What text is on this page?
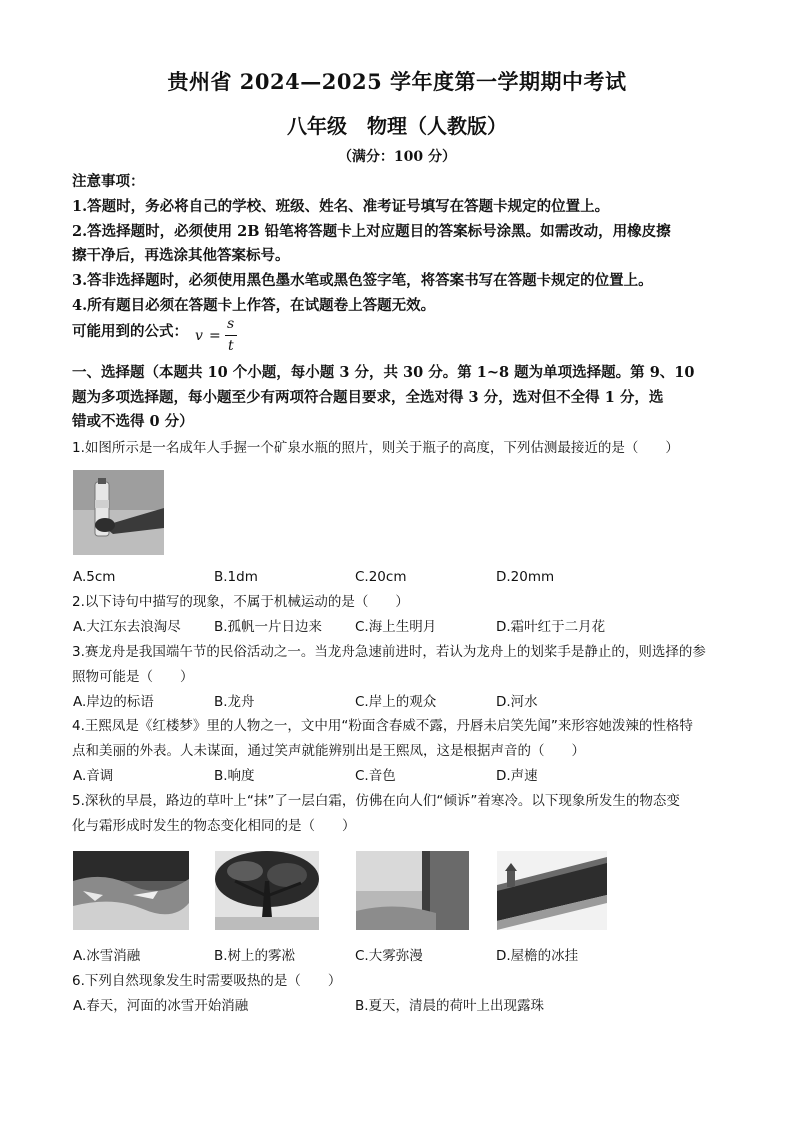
贵州省 2024—2025 学年度第一学期期中考试
八年级　物理（人教版）
（满分：100 分）
注意事项：
1.答题时，务必将自己的学校、班级、姓名、准考证号填写在答题卡规定的位置上。
2.答选择题时，必须使用 2B 铅笔将答题卡上对应题目的答案标号涂黑。如需改动，用橡皮擦
擦干净后，再选涂其他答案标号。
3.答非选择题时，必须使用黑色墨水笔或黑色签字笔，将答案书写在答题卡规定的位置上。
4.所有题目必须在答题卡上作答，在试题卷上答题无效。
可能用到的公式： v =
s
t
一、选择题（本题共 10 个小题，每小题 3 分，共 30 分。第 1~8 题为单项选择题。第 9、10
题为多项选择题，每小题至少有两项符合题目要求，全选对得 3 分，选对但不全得 1 分，选
错或不选得 0 分）
1.如图所示是一名成年人手握一个矿泉水瓶的照片，则关于瓶子的高度，下列估测最接近的是（　　）
A.5cm	B.1dm	C.20cm	D.20mm
2.以下诗句中描写的现象，不属于机械运动的是（　　）
A.大江东去浪淘尽 B.孤帆一片日边来 C.海上生明月	D.霜叶红于二月花
3.赛龙舟是我国端午节的民俗活动之一。当龙舟急速前进时，若认为龙舟上的划桨手是静止的，则选择的参
照物可能是（　　）
A.岸边的标语	B.龙舟	C.岸上的观众	D.河水
4.王熙凤是《红楼梦》里的人物之一，文中用“粉面含春威不露，丹唇未启笑先闻”来形容她泼辣的性格特
点和美丽的外表。人未谋面，通过笑声就能辨别出是王熙凤，这是根据声音的（　　）
A.音调	B.响度	C.音色	D.声速
5.深秋的早晨，路边的草叶上“抹”了一层白霜，仿佛在向人们“倾诉”着寒冷。以下现象所发生的物态变
化与霜形成时发生的物态变化相同的是（　　）
A.冰雪消融	B.树上的雾凇	C.大雾弥漫	D.屋檐的冰挂
6.下列自然现象发生时需要吸热的是（　　）
A.春天，河面的冰雪开始消融	B.夏天，清晨的荷叶上出现露珠
